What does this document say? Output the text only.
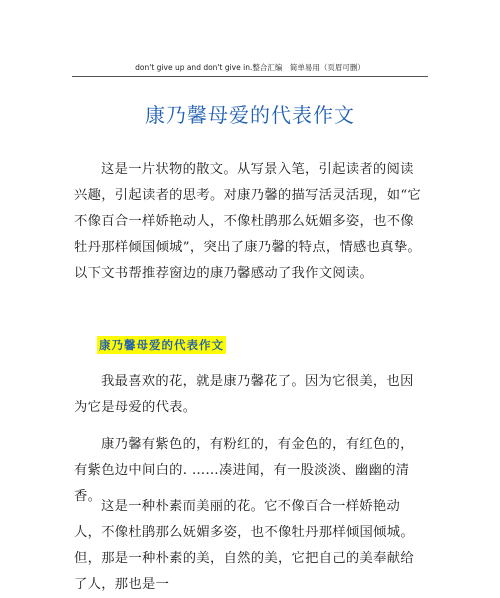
don't give up and don't give in.整合汇编　简单易用（页眉可删）
康乃馨母爱的代表作文

这是一片状物的散文。从写景入笔，引起读者的阅读兴趣，引起读者的思考。对康乃馨的描写活灵活现，如“它不像百合一样娇艳动人，不像杜鹃那么妩媚多姿，也不像牡丹那样倾国倾城”，突出了康乃馨的特点，情感也真挚。以下文书帮推荐窗边的康乃馨感动了我作文阅读。

康乃馨母爱的代表作文

我最喜欢的花，就是康乃馨花了。因为它很美，也因为它是母爱的代表。

康乃馨有紫色的，有粉红的，有金色的，有红色的，有紫色边中间白的. ……凑进闻，有一股淡淡、幽幽的清香。

这是一种朴素而美丽的花。它不像百合一样娇艳动人，不像杜鹃那么妩媚多姿，也不像牡丹那样倾国倾城。但，那是一种朴素的美，自然的美，它把自己的美奉献给了人，那也是一
